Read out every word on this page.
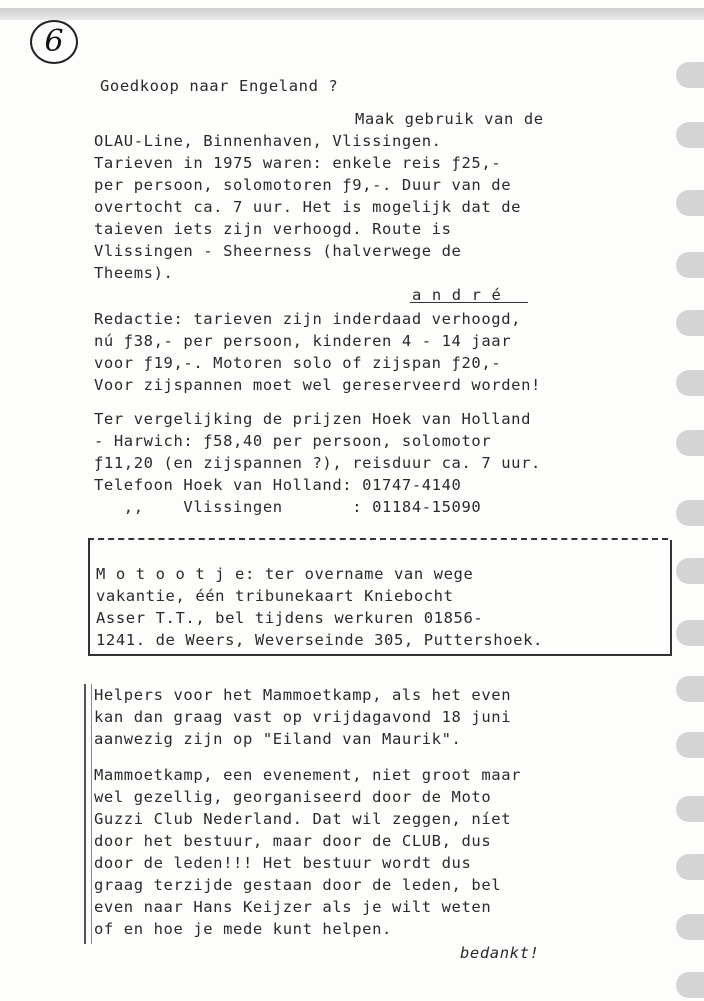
6
Goedkoop naar Engeland ?
Maak gebruik van de
OLAU-Line, Binnenhaven, Vlissingen.
Tarieven in 1975 waren: enkele reis ƒ25,-
per persoon, solomotoren ƒ9,-. Duur van de
overtocht ca. 7 uur. Het is mogelijk dat de
taieven iets zijn verhoogd. Route is
Vlissingen - Sheerness (halverwege de
Theems).
a n d r é
Redactie: tarieven zijn inderdaad verhoogd,
nú ƒ38,- per persoon, kinderen 4 - 14 jaar
voor ƒ19,-. Motoren solo of zijspan ƒ20,-
Voor zijspannen moet wel gereserveerd worden!
Ter vergelijking de prijzen Hoek van Holland
- Harwich: ƒ58,40 per persoon, solomotor
ƒ11,20 (en zijspannen ?), reisduur ca. 7 uur.
Telefoon Hoek van Holland: 01747-4140
,,    Vlissingen       : 01184-15090
M o t o o t j e: ter overname van wege
vakantie, één tribunekaart Kniebocht
Asser T.T., bel tijdens werkuren 01856-
1241. de Weers, Weverseinde 305, Puttershoek.
Helpers voor het Mammoetkamp, als het even
kan dan graag vast op vrijdagavond 18 juni
aanwezig zijn op "Eiland van Maurik".
Mammoetkamp, een evenement, niet groot maar
wel gezellig, georganiseerd door de Moto
Guzzi Club Nederland. Dat wil zeggen, níet
door het bestuur, maar door de CLUB, dus
door de leden!!! Het bestuur wordt dus
graag terzijde gestaan door de leden, bel
even naar Hans Keijzer als je wilt weten
of en hoe je mede kunt helpen.
bedankt!
